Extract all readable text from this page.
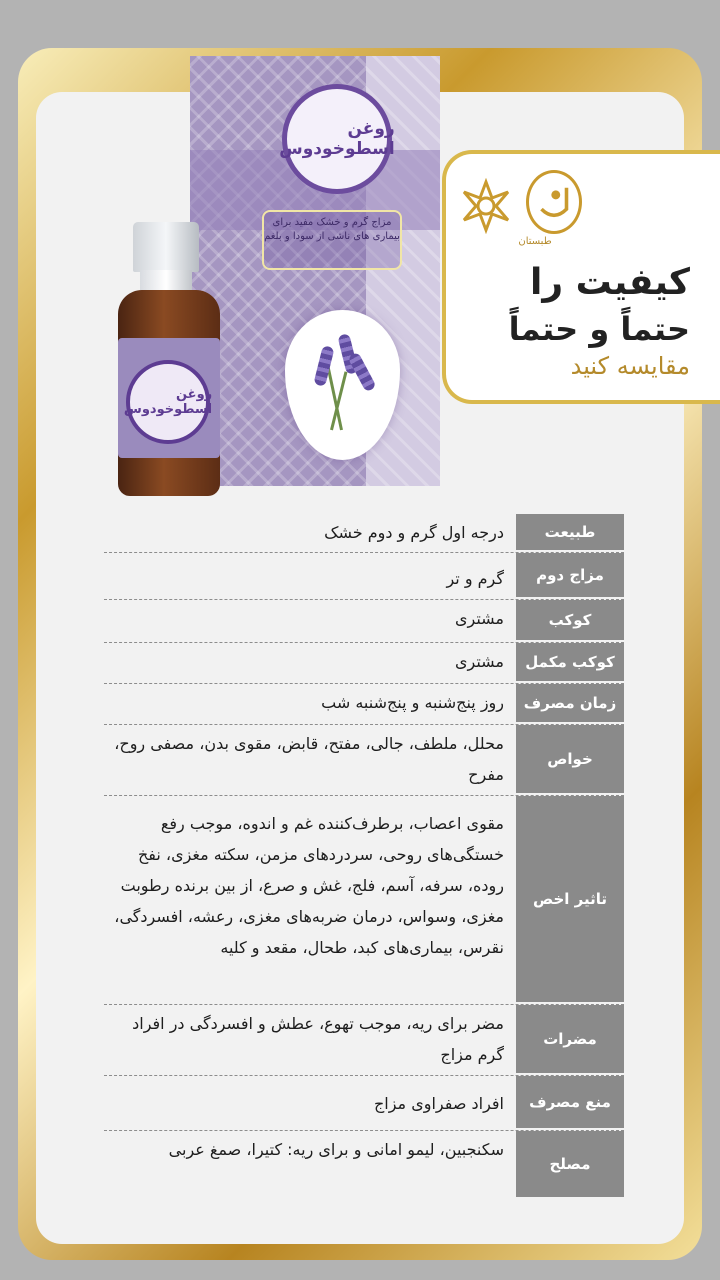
روغن اسطوخودوس
مزاج گرم و خشک مفید برای بیماری های ناشی از سودا و بلغم
روغن اسطوخودوس
طبستان
کیفیت را
حتماً و حتماً
مقایسه کنید
طبیعت
درجه اول گرم و دوم خشک
مزاج دوم
گرم و تر
کوکب
مشتری
کوکب مکمل
مشتری
زمان مصرف
روز پنج‌شنبه و پنج‌شنبه شب
خواص
محلل، ملطف، جالی، مفتح، قابض، مقوی بدن، مصفی روح، مفرح
تاثیر اخص
مقوی اعصاب، برطرف‌کننده غم و اندوه، موجب رفع خستگی‌های روحی، سردردهای مزمن، سکته مغزی، نفخ روده، سرفه، آسم، فلج، غش و صرع، از بین برنده رطوبت مغزی، وسواس، درمان ضربه‌های مغزی، رعشه، افسردگی، نقرس، بیماری‌های کبد، طحال، مقعد و کلیه
مضرات
مضر برای ریه، موجب تهوع، عطش و افسردگی در افراد گرم مزاج
منع مصرف
افراد صفراوی مزاج
مصلح
سکنجبین، لیمو امانی و برای ریه: کتیرا، صمغ عربی
